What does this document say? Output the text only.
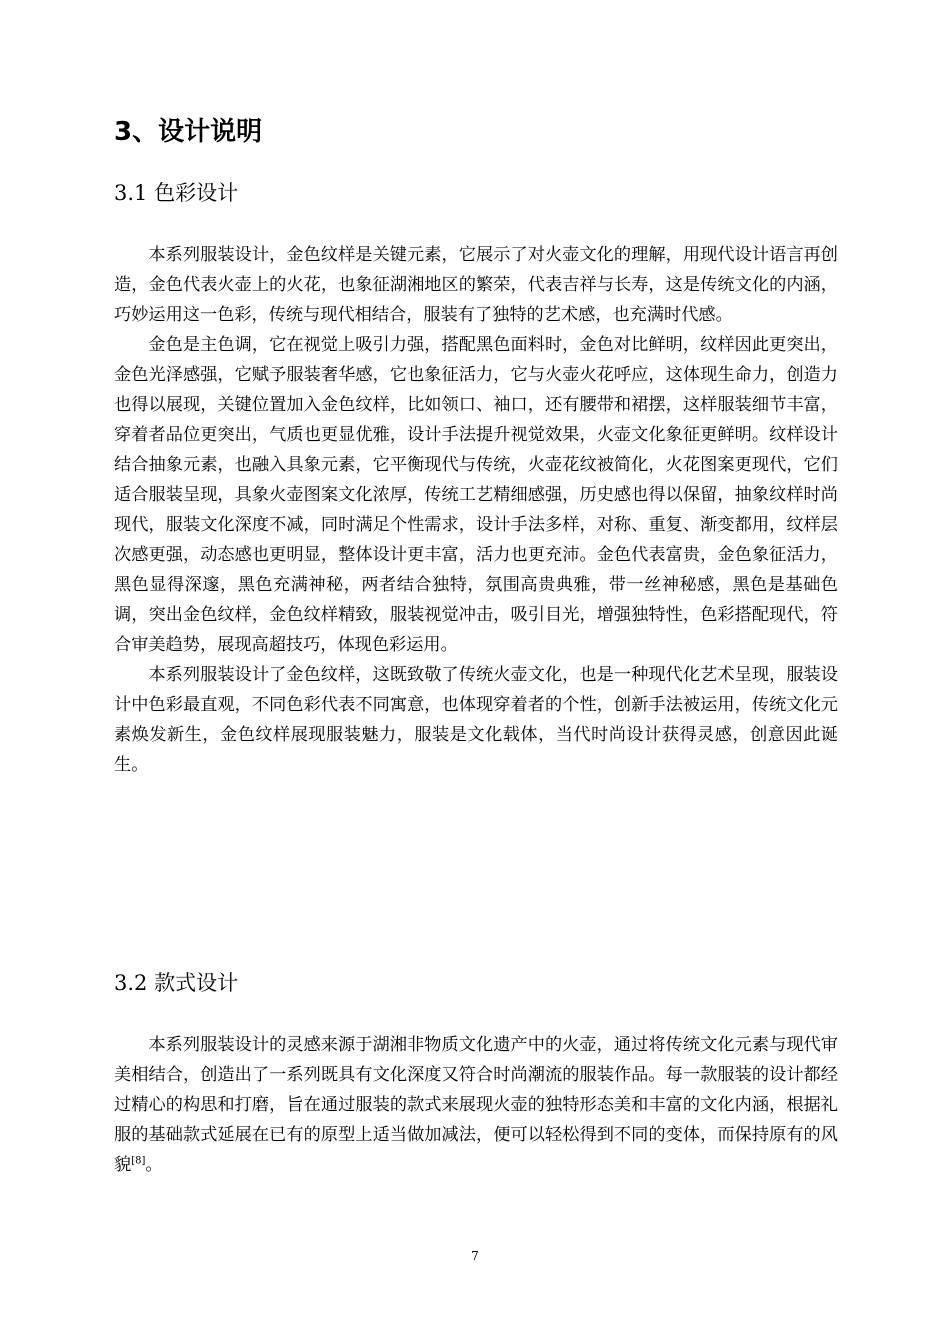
3、设计说明
3.1 色彩设计

本系列服装设计，金色纹样是关键元素，它展示了对火壶文化的理解，用现代设计语言再创造，金色代表火壶上的火花，也象征湖湘地区的繁荣，代表吉祥与长寿，这是传统文化的内涵，巧妙运用这一色彩，传统与现代相结合，服装有了独特的艺术感，也充满时代感。

金色是主色调，它在视觉上吸引力强，搭配黑色面料时，金色对比鲜明，纹样因此更突出，金色光泽感强，它赋予服装奢华感，它也象征活力，它与火壶火花呼应，这体现生命力，创造力也得以展现，关键位置加入金色纹样，比如领口、袖口，还有腰带和裙摆，这样服装细节丰富，穿着者品位更突出，气质也更显优雅，设计手法提升视觉效果，火壶文化象征更鲜明。纹样设计结合抽象元素，也融入具象元素，它平衡现代与传统，火壶花纹被简化，火花图案更现代，它们适合服装呈现，具象火壶图案文化浓厚，传统工艺精细感强，历史感也得以保留，抽象纹样时尚现代，服装文化深度不减，同时满足个性需求，设计手法多样，对称、重复、渐变都用，纹样层次感更强，动态感也更明显，整体设计更丰富，活力也更充沛。金色代表富贵，金色象征活力，黑色显得深邃，黑色充满神秘，两者结合独特，氛围高贵典雅，带一丝神秘感，黑色是基础色调，突出金色纹样，金色纹样精致，服装视觉冲击，吸引目光，增强独特性，色彩搭配现代，符合审美趋势，展现高超技巧，体现色彩运用。

本系列服装设计了金色纹样，这既致敬了传统火壶文化，也是一种现代化艺术呈现，服装设计中色彩最直观，不同色彩代表不同寓意，也体现穿着者的个性，创新手法被运用，传统文化元素焕发新生，金色纹样展现服装魅力，服装是文化载体，当代时尚设计获得灵感，创意因此诞生。

3.2 款式设计

本系列服装设计的灵感来源于湖湘非物质文化遗产中的火壶，通过将传统文化元素与现代审美相结合，创造出了一系列既具有文化深度又符合时尚潮流的服装作品。每一款服装的设计都经过精心的构思和打磨，旨在通过服装的款式来展现火壶的独特形态美和丰富的文化内涵，根据礼服的基础款式延展在已有的原型上适当做加减法，便可以轻松得到不同的变体，而保持原有的风貌[8]。

7
